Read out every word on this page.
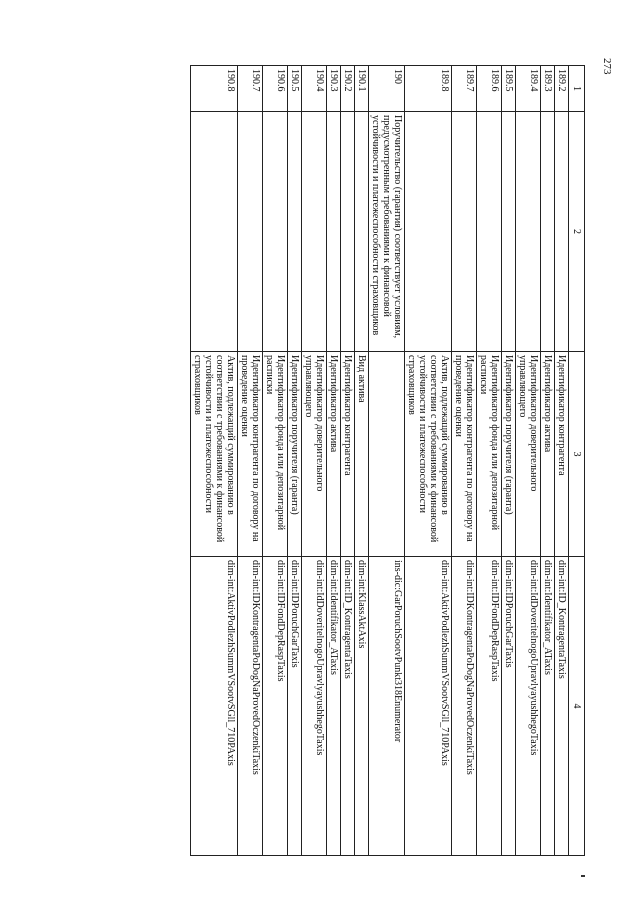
273
1	2	3	4
189.2		Идентификатор контрагента	dim-int:ID_KontragentaTaxis
189.3		Идентификатор актива	dim-int:Identifikator_ATaxis
189.4		Идентификатор доверительного управляющего	dim-int:IdDoveritelnogoUpravlyayushhegoTaxis
189.5		Идентификатор поручителя (гаранта)	dim-int:IDPoruchGarTaxis
189.6		Идентификатор фонда или депозитарной расписки	dim-int:IDFondDepRaspTaxis
189.7		Идентификатор контрагента по договору на проведение оценки	dim-int:IDKontragentaPoDogNaProvedOczenkiTaxis
189.8		Актив, подлежащий суммированию в соответствии с требованиями к финансовой устойчивости и платежеспособности страховщиков	dim-int:AktivPodlezhSummVSootvSGll_710PAxis
190	Поручительство (гарантия) соответствует условиям, предусмотренным требованиями к финансовой устойчивости и платежеспособности страховщиков		ins-dic:GarPoruchSootvPunkt318Enumerator
190.1		Вид актива	dim-int:KlassAktAxis
190.2		Идентификатор контрагента	dim-int:ID_KontragentaTaxis
190.3		Идентификатор актива	dim-int:Identifikator_ATaxis
190.4		Идентификатор доверительного управляющего	dim-int:IdDoveritelnogoUpravlyayushhegoTaxis
190.5		Идентификатор поручителя (гаранта)	dim-int:IDPoruchGarTaxis
190.6		Идентификатор фонда или депозитарной расписки	dim-int:IDFondDepRaspTaxis
190.7		Идентификатор контрагента по договору на проведение оценки	dim-int:IDKontragentaPoDogNaProvedOczenkiTaxis
190.8		Актив, подлежащий суммированию в соответствии с требованиями к финансовой устойчивости и платежеспособности страховщиков	dim-int:AktivPodlezhSummVSootvSGll_710PAxis
